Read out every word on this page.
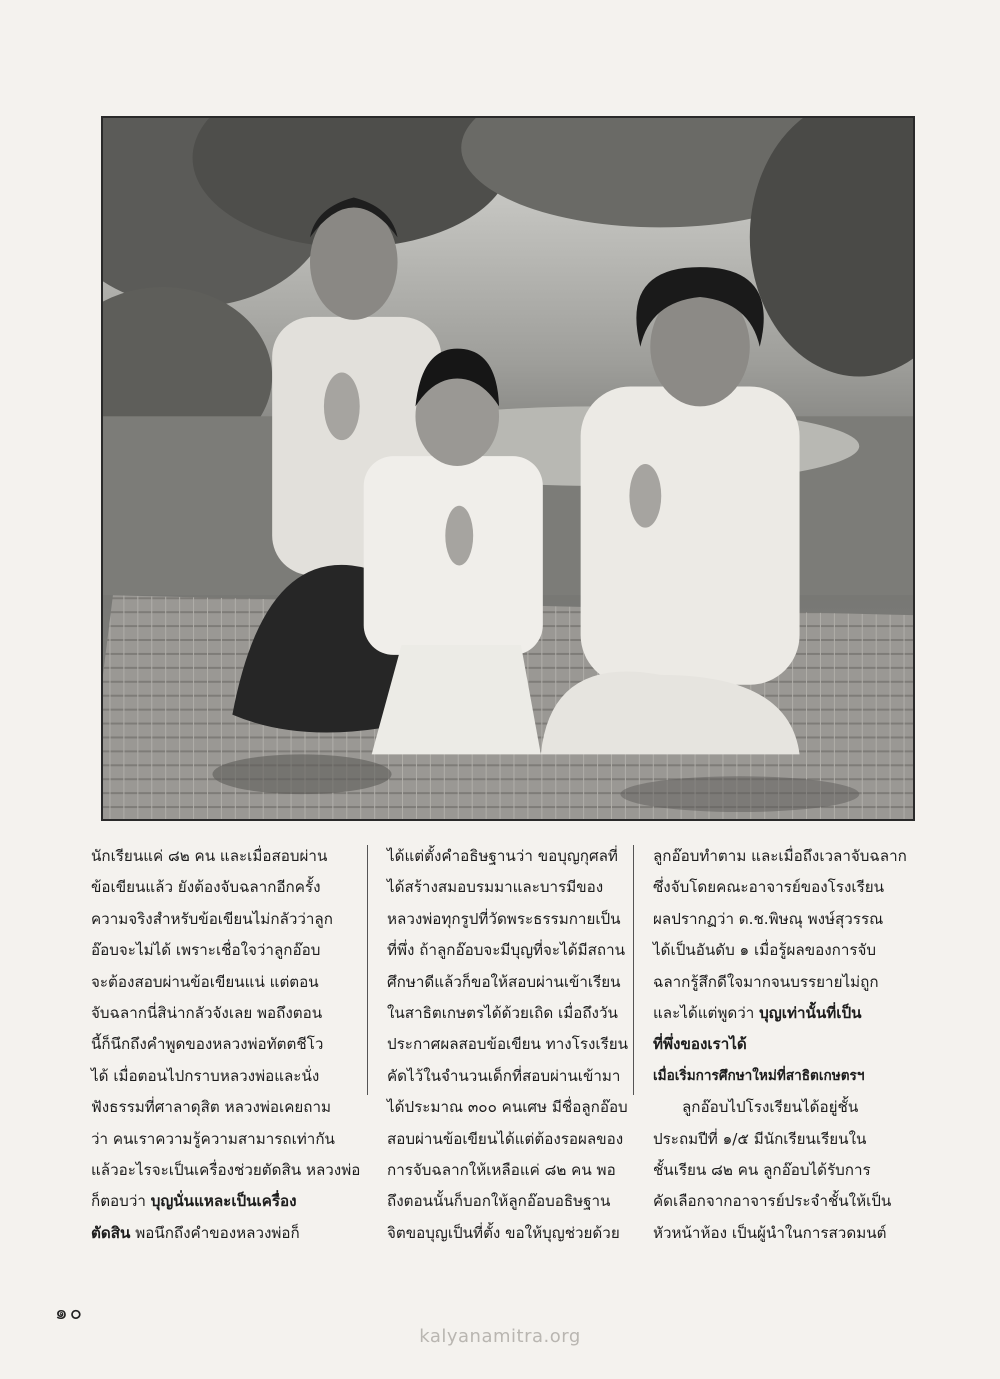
นักเรียนแค่ ๘๒ คน และเมื่อสอบผ่าน

ข้อเขียนแล้ว ยังต้องจับฉลากอีกครั้ง

ความจริงสำหรับข้อเขียนไม่กลัวว่าลูก

อ๊อบจะไม่ได้ เพราะเชื่อใจว่าลูกอ๊อบ

จะต้องสอบผ่านข้อเขียนแน่ แต่ตอน

จับฉลากนี่สิน่ากลัวจังเลย พอถึงตอน

นี้ก็นึกถึงคำพูดของหลวงพ่อทัตตชีโว

ได้ เมื่อตอนไปกราบหลวงพ่อและนั่ง

ฟังธรรมที่ศาลาดุสิต หลวงพ่อเคยถาม

ว่า คนเราความรู้ความสามารถเท่ากัน

แล้วอะไรจะเป็นเครื่องช่วยตัดสิน หลวงพ่อ

ก็ตอบว่า บุญนั่นแหละเป็นเครื่อง

ตัดสิน พอนึกถึงคำของหลวงพ่อก็

ได้แต่ตั้งคำอธิษฐานว่า ขอบุญกุศลที่

ได้สร้างสมอบรมมาและบารมีของ

หลวงพ่อทุกรูปที่วัดพระธรรมกายเป็น

ที่พึ่ง ถ้าลูกอ๊อบจะมีบุญที่จะได้มีสถาน

ศึกษาดีแล้วก็ขอให้สอบผ่านเข้าเรียน

ในสาธิตเกษตรได้ด้วยเถิด เมื่อถึงวัน

ประกาศผลสอบข้อเขียน ทางโรงเรียน

คัดไว้ในจำนวนเด็กที่สอบผ่านเข้ามา

ได้ประมาณ ๓๐๐ คนเศษ มีชื่อลูกอ๊อบ

สอบผ่านข้อเขียนได้แต่ต้องรอผลของ

การจับฉลากให้เหลือแค่ ๘๒ คน พอ

ถึงตอนนั้นก็บอกให้ลูกอ๊อบอธิษฐาน

จิตขอบุญเป็นที่ตั้ง ขอให้บุญช่วยด้วย

ลูกอ๊อบทำตาม และเมื่อถึงเวลาจับฉลาก

ซึ่งจับโดยคณะอาจารย์ของโรงเรียน

ผลปรากฏว่า ด.ช.พิษณุ พงษ์สุวรรณ

ได้เป็นอันดับ ๑ เมื่อรู้ผลของการจับ

ฉลากรู้สึกดีใจมากจนบรรยายไม่ถูก

และได้แต่พูดว่า บุญเท่านั้นที่เป็น

ที่พึ่งของเราได้

เมื่อเริ่มการศึกษาใหม่ที่สาธิตเกษตรฯ

ลูกอ๊อบไปโรงเรียนได้อยู่ชั้น

ประถมปีที่ ๑/๕ มีนักเรียนเรียนใน

ชั้นเรียน ๘๒ คน ลูกอ๊อบได้รับการ

คัดเลือกจากอาจารย์ประจำชั้นให้เป็น

หัวหน้าห้อง เป็นผู้นำในการสวดมนต์

๑๐
kalyanamitra.org
